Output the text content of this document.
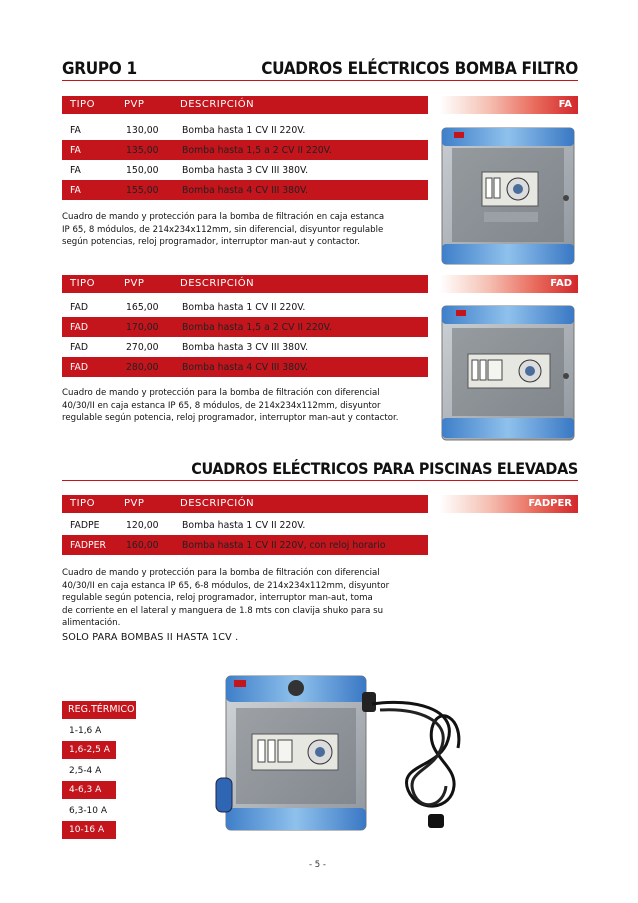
GRUPO 1	CUADROS ELÉCTRICOS BOMBA FILTRO
TIPO	PVP	DESCRIPCIÓN
FA	130,00	Bomba hasta 1 CV II 220V.
FA	135,00	Bomba hasta 1,5 a 2 CV II 220V.
FA	150,00	Bomba hasta 3 CV III 380V.
FA	155,00	Bomba hasta 4 CV III 380V.
Cuadro de mando y protección para la bomba de filtración en caja estanca
IP 65, 8 módulos, de 214x234x112mm, sin diferencial, disyuntor regulable
según potencias, reloj programador, interruptor man-aut y contactor.
FA
TIPO	PVP	DESCRIPCIÓN
FAD	165,00	Bomba hasta 1 CV II 220V.
FAD	170,00	Bomba hasta 1,5 a 2 CV II 220V.
FAD	270,00	Bomba hasta 3 CV III 380V.
FAD	280,00	Bomba hasta 4 CV III 380V.
Cuadro de mando y protección para la bomba de filtración con diferencial
40/30/II en caja estanca IP 65, 8 módulos, de 214x234x112mm, disyuntor
regulable según potencia, reloj programador, interruptor man-aut y contactor.
FAD
CUADROS ELÉCTRICOS PARA PISCINAS ELEVADAS
TIPO	PVP	DESCRIPCIÓN
FADPE	120,00	Bomba hasta 1 CV II 220V.
FADPER 160,00	Bomba hasta 1 CV II 220V, con reloj horario
FADPER
Cuadro de mando y protección para la bomba de filtración con diferencial
40/30/II en caja estanca IP 65, 6-8 módulos, de 214x234x112mm, disyuntor
regulable según potencia, reloj programador, interruptor man-aut, toma
de corriente en el lateral y manguera de 1.8 mts con clavija shuko para su
alimentación.
SOLO PARA BOMBAS II HASTA 1CV .
REG.TÉRMICO
1-1,6 A
1,6-2,5 A
2,5-4 A
4-6,3 A
6,3-10 A
10-16 A
- 5 -
